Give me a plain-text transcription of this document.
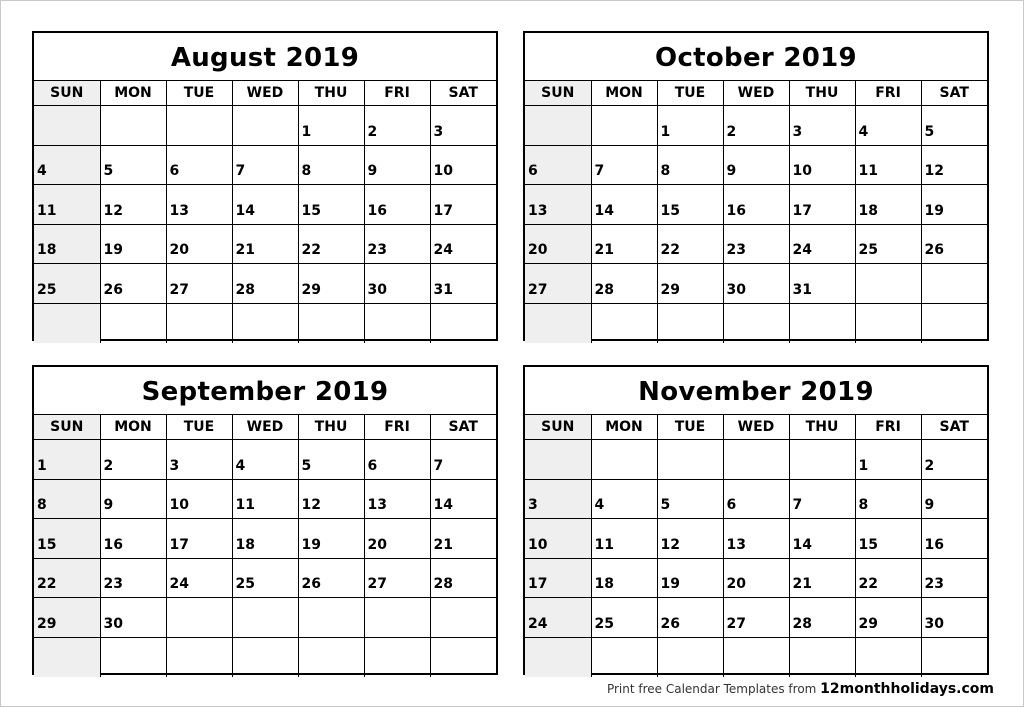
August 2019
SUN	MON	TUE	WED	THU	FRI	SAT
				1	2	3
4	5	6	7	8	9	10
11	12	13	14	15	16	17
18	19	20	21	22	23	24
25	26	27	28	29	30	31

October 2019
SUN	MON	TUE	WED	THU	FRI	SAT
		1	2	3	4	5
6	7	8	9	10	11	12
13	14	15	16	17	18	19
20	21	22	23	24	25	26
27	28	29	30	31		

September 2019
SUN	MON	TUE	WED	THU	FRI	SAT
1	2	3	4	5	6	7
8	9	10	11	12	13	14
15	16	17	18	19	20	21
22	23	24	25	26	27	28
29	30					

November 2019
SUN	MON	TUE	WED	THU	FRI	SAT
					1	2
3	4	5	6	7	8	9
10	11	12	13	14	15	16
17	18	19	20	21	22	23
24	25	26	27	28	29	30

Print free Calendar Templates from 12monthholidays.com
